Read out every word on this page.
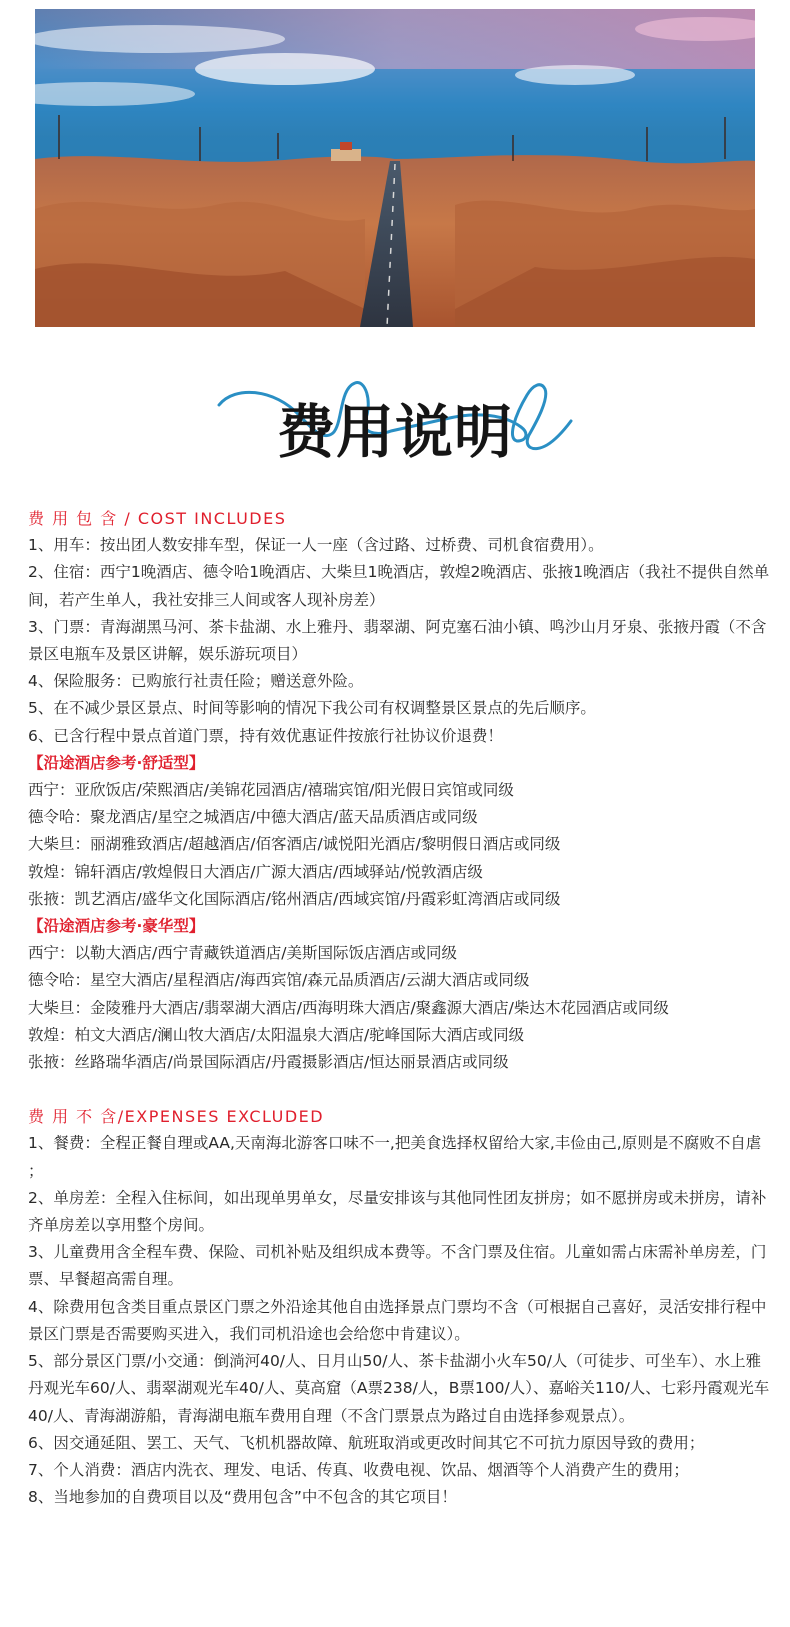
费用说明

费 用 包 含 / COST INCLUDES

1、用车：按出团人数安排车型，保证一人一座（含过路、过桥费、司机食宿费用）。

2、住宿：西宁1晚酒店、德令哈1晚酒店、大柴旦1晚酒店，敦煌2晚酒店、张掖1晚酒店（我社不提供自然单间，若产生单人，我社安排三人间或客人现补房差）

3、门票：青海湖黑马河、茶卡盐湖、水上雅丹、翡翠湖、阿克塞石油小镇、鸣沙山月牙泉、张掖丹霞（不含景区电瓶车及景区讲解，娱乐游玩项目）

4、保险服务：已购旅行社责任险；赠送意外险。

5、在不减少景区景点、时间等影响的情况下我公司有权调整景区景点的先后顺序。

6、已含行程中景点首道门票，持有效优惠证件按旅行社协议价退费！

【沿途酒店参考·舒适型】

西宁：亚欣饭店/荣熙酒店/美锦花园酒店/禧瑞宾馆/阳光假日宾馆或同级

德令哈：聚龙酒店/星空之城酒店/中德大酒店/蓝天品质酒店或同级

大柴旦：丽湖雅致酒店/超越酒店/佰客酒店/诚悦阳光酒店/黎明假日酒店或同级

敦煌：锦轩酒店/敦煌假日大酒店/广源大酒店/西域驿站/悦敦酒店级

张掖：凯艺酒店/盛华文化国际酒店/铭州酒店/西域宾馆/丹霞彩虹湾酒店或同级

【沿途酒店参考·豪华型】

西宁：以勒大酒店/西宁青藏铁道酒店/美斯国际饭店酒店或同级

德令哈：星空大酒店/星程酒店/海西宾馆/森元品质酒店/云湖大酒店或同级

大柴旦：金陵雅丹大酒店/翡翠湖大酒店/西海明珠大酒店/聚鑫源大酒店/柴达木花园酒店或同级

敦煌：柏文大酒店/澜山牧大酒店/太阳温泉大酒店/驼峰国际大酒店或同级

张掖：丝路瑞华酒店/尚景国际酒店/丹霞摄影酒店/恒达丽景酒店或同级

费 用 不 含/EXPENSES EXCLUDED

1、餐费：全程正餐自理或AA,天南海北游客口味不一,把美食选择权留给大家,丰俭由己,原则是不腐败不自虐 ；

2、单房差：全程入住标间，如出现单男单女，尽量安排该与其他同性团友拼房；如不愿拼房或未拼房，请补齐单房差以享用整个房间。

3、儿童费用含全程车费、保险、司机补贴及组织成本费等。不含门票及住宿。儿童如需占床需补单房差，门票、早餐超高需自理。

4、除费用包含类目重点景区门票之外沿途其他自由选择景点门票均不含（可根据自己喜好，灵活安排行程中景区门票是否需要购买进入，我们司机沿途也会给您中肯建议）。

5、部分景区门票/小交通：倒淌河40/人、日月山50/人、茶卡盐湖小火车50/人（可徒步、可坐车）、水上雅丹观光车60/人、翡翠湖观光车40/人、莫高窟（A票238/人，B票100/人）、嘉峪关110/人、七彩丹霞观光车40/人、青海湖游船，青海湖电瓶车费用自理（不含门票景点为路过自由选择参观景点）。

6、因交通延阻、罢工、天气、飞机机器故障、航班取消或更改时间其它不可抗力原因导致的费用；

7、个人消费：酒店内洗衣、理发、电话、传真、收费电视、饮品、烟酒等个人消费产生的费用；

8、当地参加的自费项目以及“费用包含”中不包含的其它项目！
